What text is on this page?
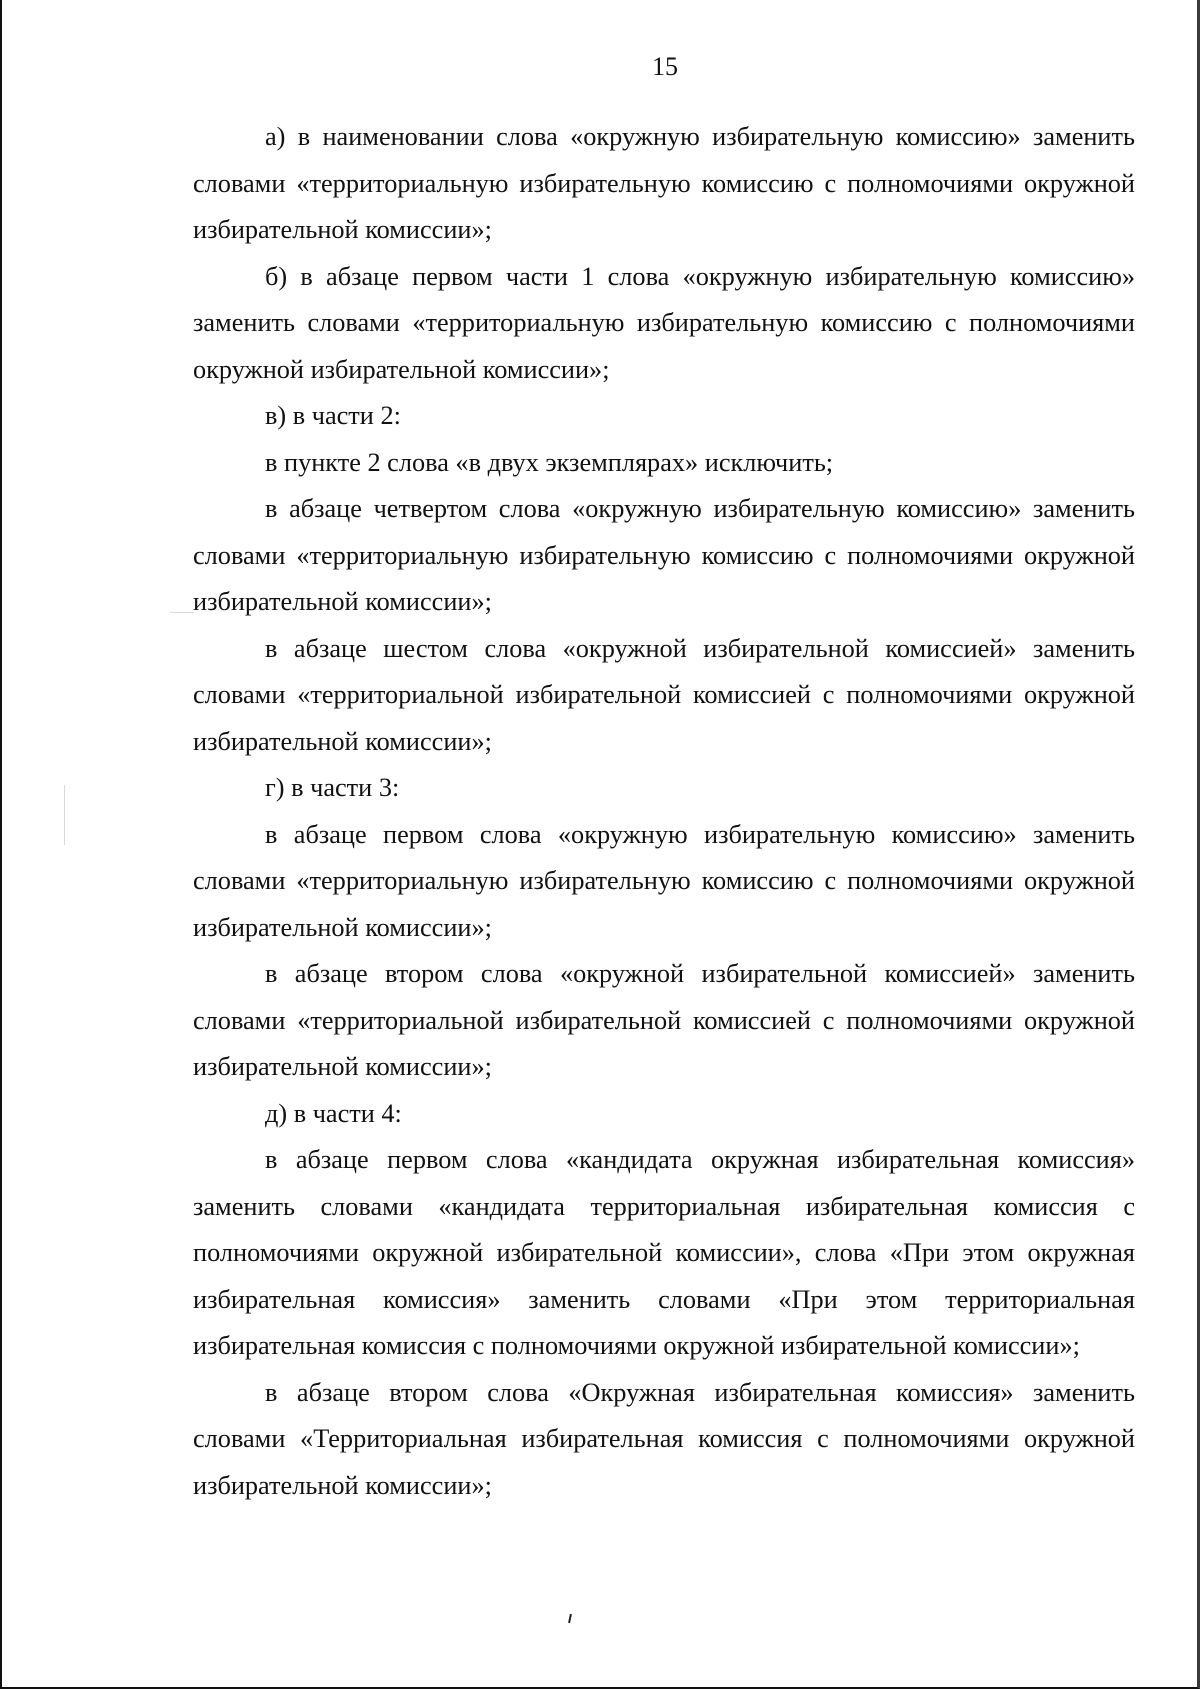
15

а) в наименовании слова «окружную избирательную комиссию» заменить словами «территориальную избирательную комиссию с полномочиями окружной избирательной комиссии»;

б) в абзаце первом части 1 слова «окружную избирательную комиссию» заменить словами «территориальную избирательную комиссию с полномочиями окружной избирательной комиссии»;

в) в части 2:

в пункте 2 слова «в двух экземплярах» исключить;

в абзаце четвертом слова «окружную избирательную комиссию» заменить словами «территориальную избирательную комиссию с полномочиями окружной избирательной комиссии»;

в абзаце шестом слова «окружной избирательной комиссией» заменить словами «территориальной избирательной комиссией с полномочиями окружной избирательной комиссии»;

г) в части 3:

в абзаце первом слова «окружную избирательную комиссию» заменить словами «территориальную избирательную комиссию с полномочиями окружной избирательной комиссии»;

в абзаце втором слова «окружной избирательной комиссией» заменить словами «территориальной избирательной комиссией с полномочиями окружной избирательной комиссии»;

д) в части 4:

в абзаце первом слова «кандидата окружная избирательная комиссия» заменить словами «кандидата территориальная избирательная комиссия с полномочиями окружной избирательной комиссии», слова «При этом окружная избирательная комиссия» заменить словами «При этом территориальная избирательная комиссия с полномочиями окружной избирательной комиссии»;

в абзаце втором слова «Окружная избирательная комиссия» заменить словами «Территориальная избирательная комиссия с полномочиями окружной избирательной комиссии»;
